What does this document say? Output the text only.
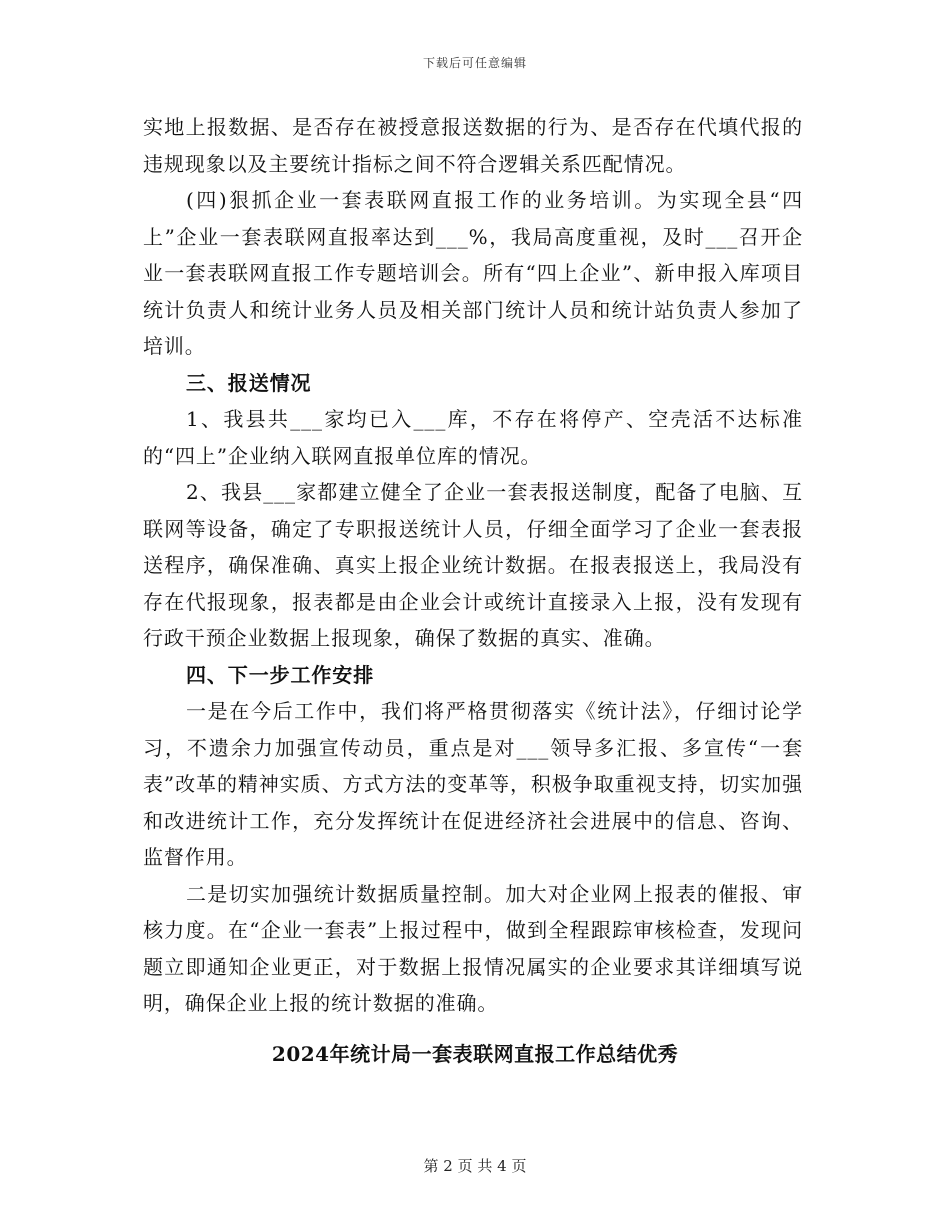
下载后可任意编辑

实地上报数据、是否存在被授意报送数据的行为、是否存在代填代报的违规现象以及主要统计指标之间不符合逻辑关系匹配情况。

(四)狠抓企业一套表联网直报工作的业务培训。为实现全县“四上”企业一套表联网直报率达到___%，我局高度重视，及时___召开企业一套表联网直报工作专题培训会。所有“四上企业”、新申报入库项目统计负责人和统计业务人员及相关部门统计人员和统计站负责人参加了培训。

三、报送情况

1、我县共___家均已入___库，不存在将停产、空壳活不达标准的“四上”企业纳入联网直报单位库的情况。

2、我县___家都建立健全了企业一套表报送制度，配备了电脑、互联网等设备，确定了专职报送统计人员，仔细全面学习了企业一套表报送程序，确保准确、真实上报企业统计数据。在报表报送上，我局没有存在代报现象，报表都是由企业会计或统计直接录入上报，没有发现有行政干预企业数据上报现象，确保了数据的真实、准确。

四、下一步工作安排

一是在今后工作中，我们将严格贯彻落实《统计法》，仔细讨论学习，不遗余力加强宣传动员，重点是对___领导多汇报、多宣传“一套表”改革的精神实质、方式方法的变革等，积极争取重视支持，切实加强和改进统计工作，充分发挥统计在促进经济社会进展中的信息、咨询、监督作用。

二是切实加强统计数据质量控制。加大对企业网上报表的催报、审核力度。在“企业一套表”上报过程中，做到全程跟踪审核检查，发现问题立即通知企业更正，对于数据上报情况属实的企业要求其详细填写说明，确保企业上报的统计数据的准确。

2024年统计局一套表联网直报工作总结优秀
第 2 页 共 4 页
